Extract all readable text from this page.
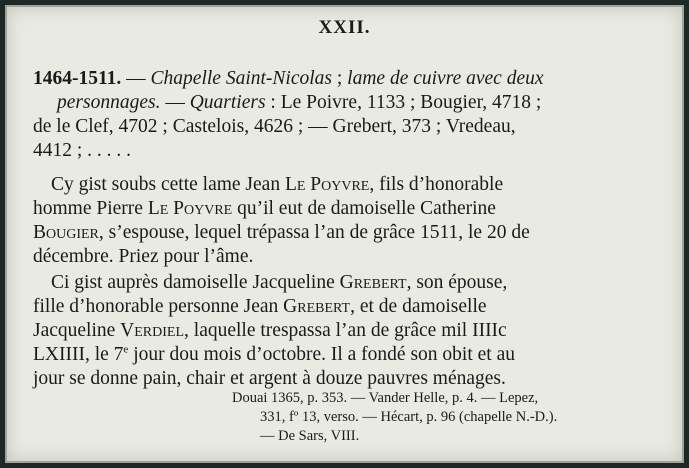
XXII.
1464-1511. — Chapelle Saint-Nicolas ; lame de cuivre avec deux
personnages. — Quartiers : Le Poivre, 1133 ; Bougier, 4718 ;
de le Clef, 4702 ; Castelois, 4626 ; — Grebert, 373 ; Vredeau,
4412 ; . . . . .
Cy gist soubs cette lame Jean Le Poyvre, fils d’honorable
homme Pierre Le Poyvre qu’il eut de damoiselle Catherine
Bougier, s’espouse, lequel trépassa l’an de grâce 1511, le 20 de
décembre. Priez pour l’âme.
Ci gist auprès damoiselle Jacqueline Grebert, son épouse,
fille d’honorable personne Jean Grebert, et de damoiselle
Jacqueline Verdiel, laquelle trespassa l’an de grâce mil IIIIc
LXIIII, le 7e jour dou mois d’octobre. Il a fondé son obit et au
jour se donne pain, chair et argent à douze pauvres ménages.
Douai 1365, p. 353. — Vander Helle, p. 4. — Lepez,
331, fº 13, verso. — Hécart, p. 96 (chapelle N.-D.).
— De Sars, VIII.
